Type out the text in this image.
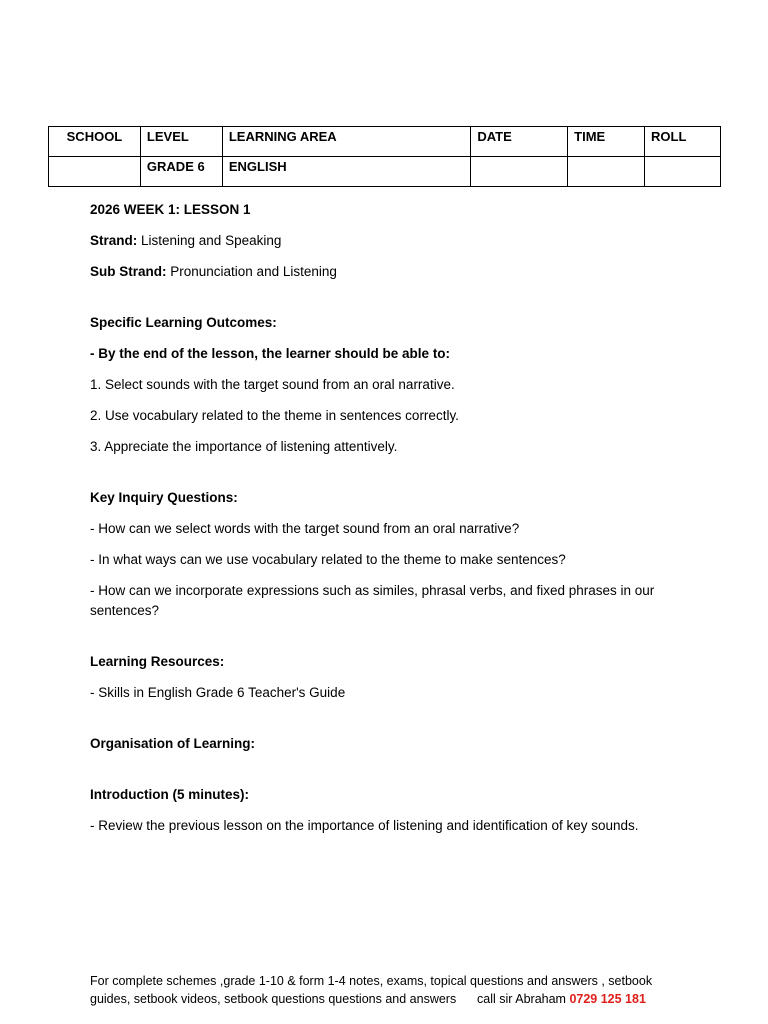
SCHOOL	LEVEL	LEARNING AREA	DATE	TIME	ROLL
	GRADE 6	ENGLISH			

2026 WEEK 1: LESSON 1

Strand: Listening and Speaking

Sub Strand: Pronunciation and Listening

Specific Learning Outcomes:

- By the end of the lesson, the learner should be able to:

1. Select sounds with the target sound from an oral narrative.

2. Use vocabulary related to the theme in sentences correctly.

3. Appreciate the importance of listening attentively.

Key Inquiry Questions:

- How can we select words with the target sound from an oral narrative?

- In what ways can we use vocabulary related to the theme to make sentences?

- How can we incorporate expressions such as similes, phrasal verbs, and fixed phrases in our sentences?

Learning Resources:

- Skills in English Grade 6 Teacher's Guide

Organisation of Learning:

Introduction (5 minutes):

- Review the previous lesson on the importance of listening and identification of key sounds.

For complete schemes ,grade 1-10 & form 1-4 notes, exams, topical questions and answers , setbook
guides, setbook videos, setbook questions questions and answers      call sir Abraham 0729 125 181
